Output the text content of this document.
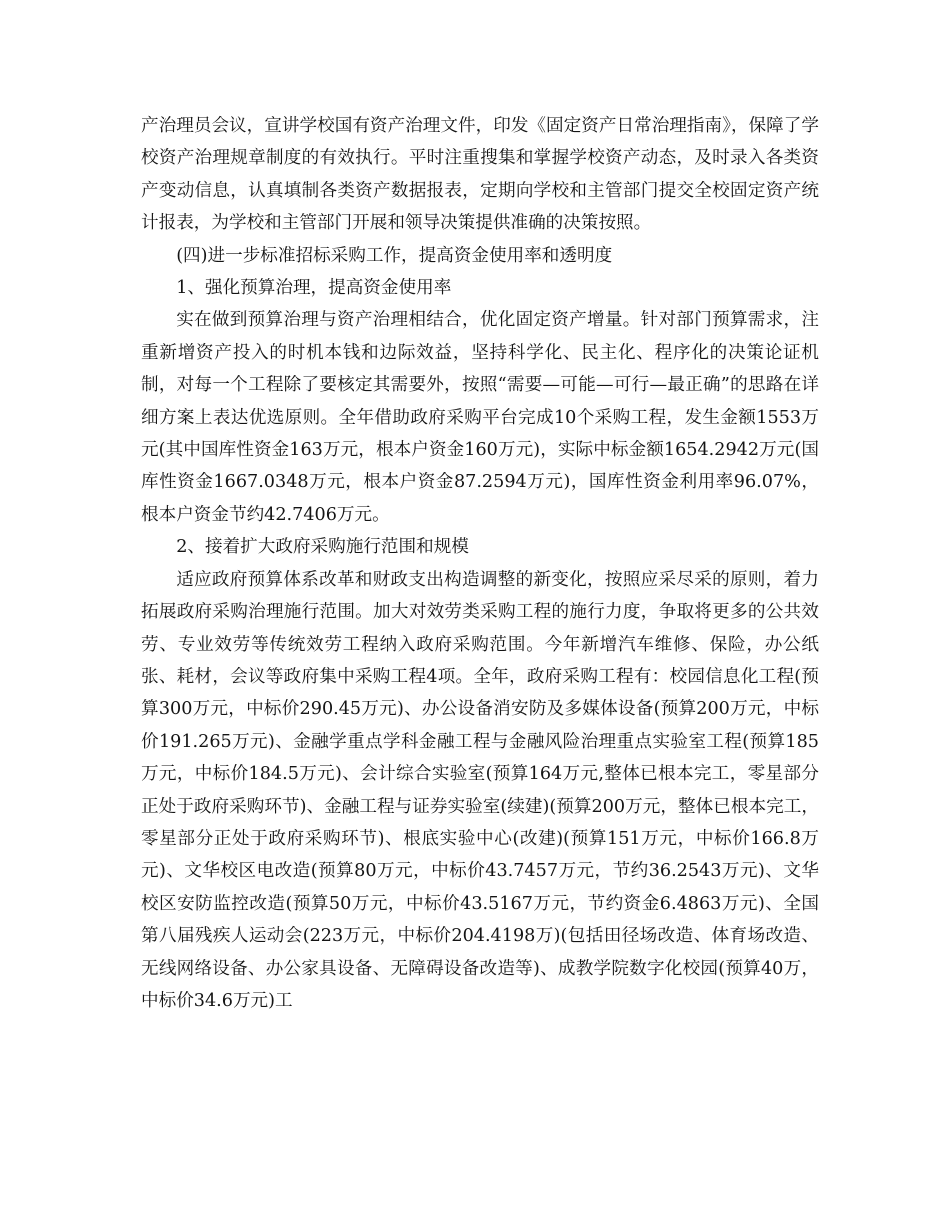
产治理员会议，宣讲学校国有资产治理文件，印发《固定资产日常治理指南》，保障了学校资产治理规章制度的有效执行。平时注重搜集和掌握学校资产动态，及时录入各类资产变动信息，认真填制各类资产数据报表，定期向学校和主管部门提交全校固定资产统计报表，为学校和主管部门开展和领导决策提供准确的决策按照。

(四)进一步标准招标采购工作，提高资金使用率和透明度

1、强化预算治理，提高资金使用率

实在做到预算治理与资产治理相结合，优化固定资产增量。针对部门预算需求，注重新增资产投入的时机本钱和边际效益，坚持科学化、民主化、程序化的决策论证机制，对每一个工程除了要核定其需要外，按照“需要—可能—可行—最正确”的思路在详细方案上表达优选原则。全年借助政府采购平台完成10个采购工程，发生金额1553万元(其中国库性资金163万元，根本户资金160万元)，实际中标金额1654.2942万元(国库性资金1667.0348万元，根本户资金87.2594万元)，国库性资金利用率96.07%，根本户资金节约42.7406万元。

2、接着扩大政府采购施行范围和规模

适应政府预算体系改革和财政支出构造调整的新变化，按照应采尽采的原则，着力拓展政府采购治理施行范围。加大对效劳类采购工程的施行力度，争取将更多的公共效劳、专业效劳等传统效劳工程纳入政府采购范围。今年新增汽车维修、保险，办公纸张、耗材，会议等政府集中采购工程4项。全年，政府采购工程有：校园信息化工程(预算300万元，中标价290.45万元)、办公设备消安防及多媒体设备(预算200万元，中标价191.265万元)、金融学重点学科金融工程与金融风险治理重点实验室工程(预算185万元，中标价184.5万元)、会计综合实验室(预算164万元,整体已根本完工，零星部分正处于政府采购环节)、金融工程与证券实验室(续建)(预算200万元，整体已根本完工，零星部分正处于政府采购环节)、根底实验中心(改建)(预算151万元，中标价166.8万元)、文华校区电改造(预算80万元，中标价43.7457万元，节约36.2543万元)、文华校区安防监控改造(预算50万元，中标价43.5167万元，节约资金6.4863万元)、全国第八届残疾人运动会(223万元，中标价204.4198万)(包括田径场改造、体育场改造、无线网络设备、办公家具设备、无障碍设备改造等)、成教学院数字化校园(预算40万，中标价34.6万元)工
